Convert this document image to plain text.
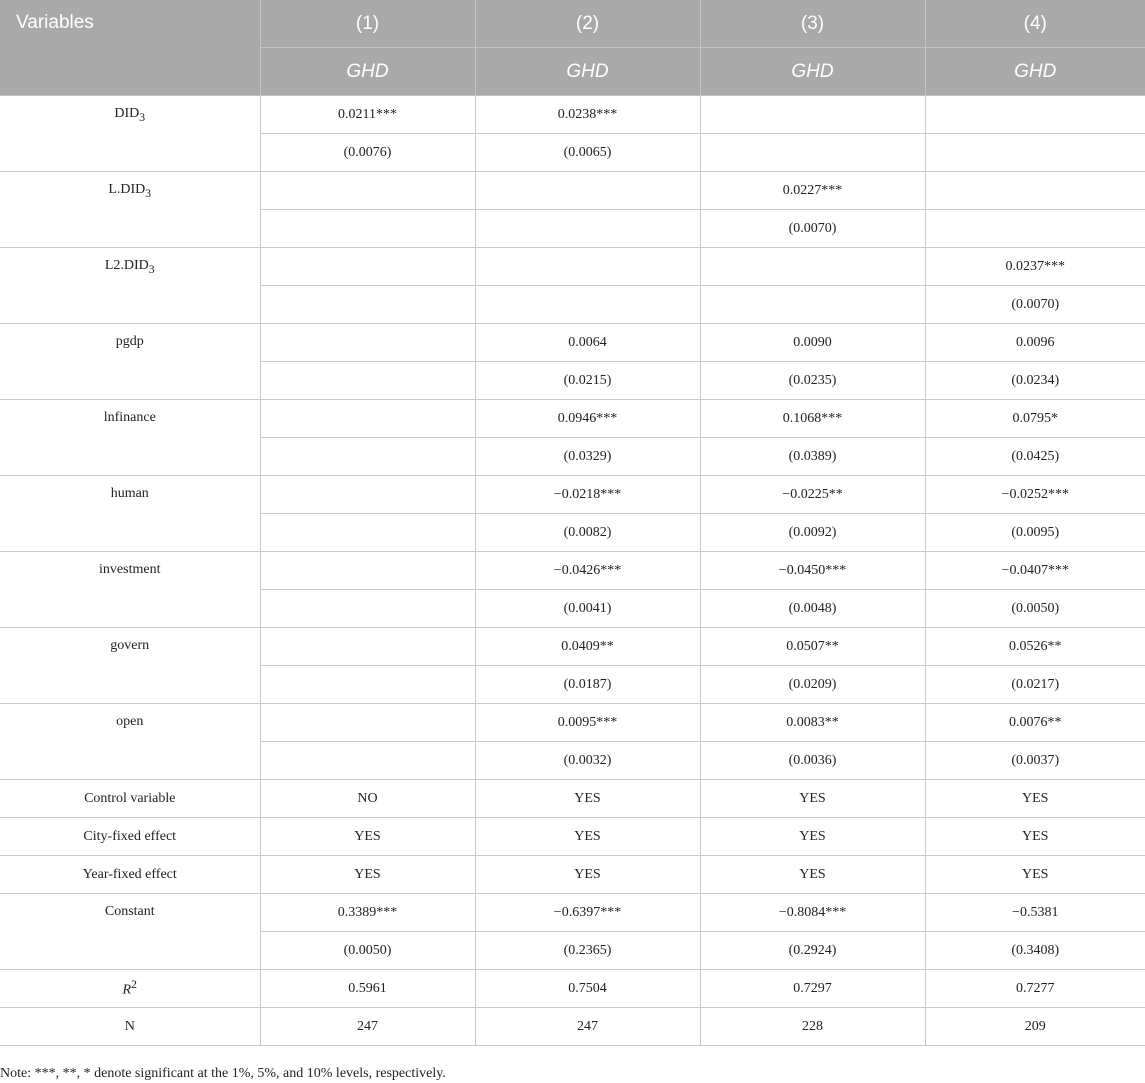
Variables	(1)	(2)	(3)	(4)
	GHD	GHD	GHD	GHD
$DID_3$	0.0211***	0.0238***		
	(0.0076)	(0.0065)		
$L.DID_3$			0.0227***	
			(0.0070)	
$L2.DID_3$				0.0237***
				(0.0070)
pgdp		0.0064	0.0090	0.0096
		(0.0215)	(0.0235)	(0.0234)
lnfinance		0.0946***	0.1068***	0.0795*
		(0.0329)	(0.0389)	(0.0425)
human		−0.0218***	−0.0225**	−0.0252***
		(0.0082)	(0.0092)	(0.0095)
investment		−0.0426***	−0.0450***	−0.0407***
		(0.0041)	(0.0048)	(0.0050)
govern		0.0409**	0.0507**	0.0526**
		(0.0187)	(0.0209)	(0.0217)
open		0.0095***	0.0083**	0.0076**
		(0.0032)	(0.0036)	(0.0037)
Control variable	NO	YES	YES	YES
City-fixed effect	YES	YES	YES	YES
Year-fixed effect	YES	YES	YES	YES
Constant	0.3389***	−0.6397***	−0.8084***	−0.5381
	(0.0050)	(0.2365)	(0.2924)	(0.3408)
$R^2$	0.5961	0.7504	0.7297	0.7277
N	247	247	228	209
Note: ***, **, * denote significant at the 1%, 5%, and 10% levels, respectively.
